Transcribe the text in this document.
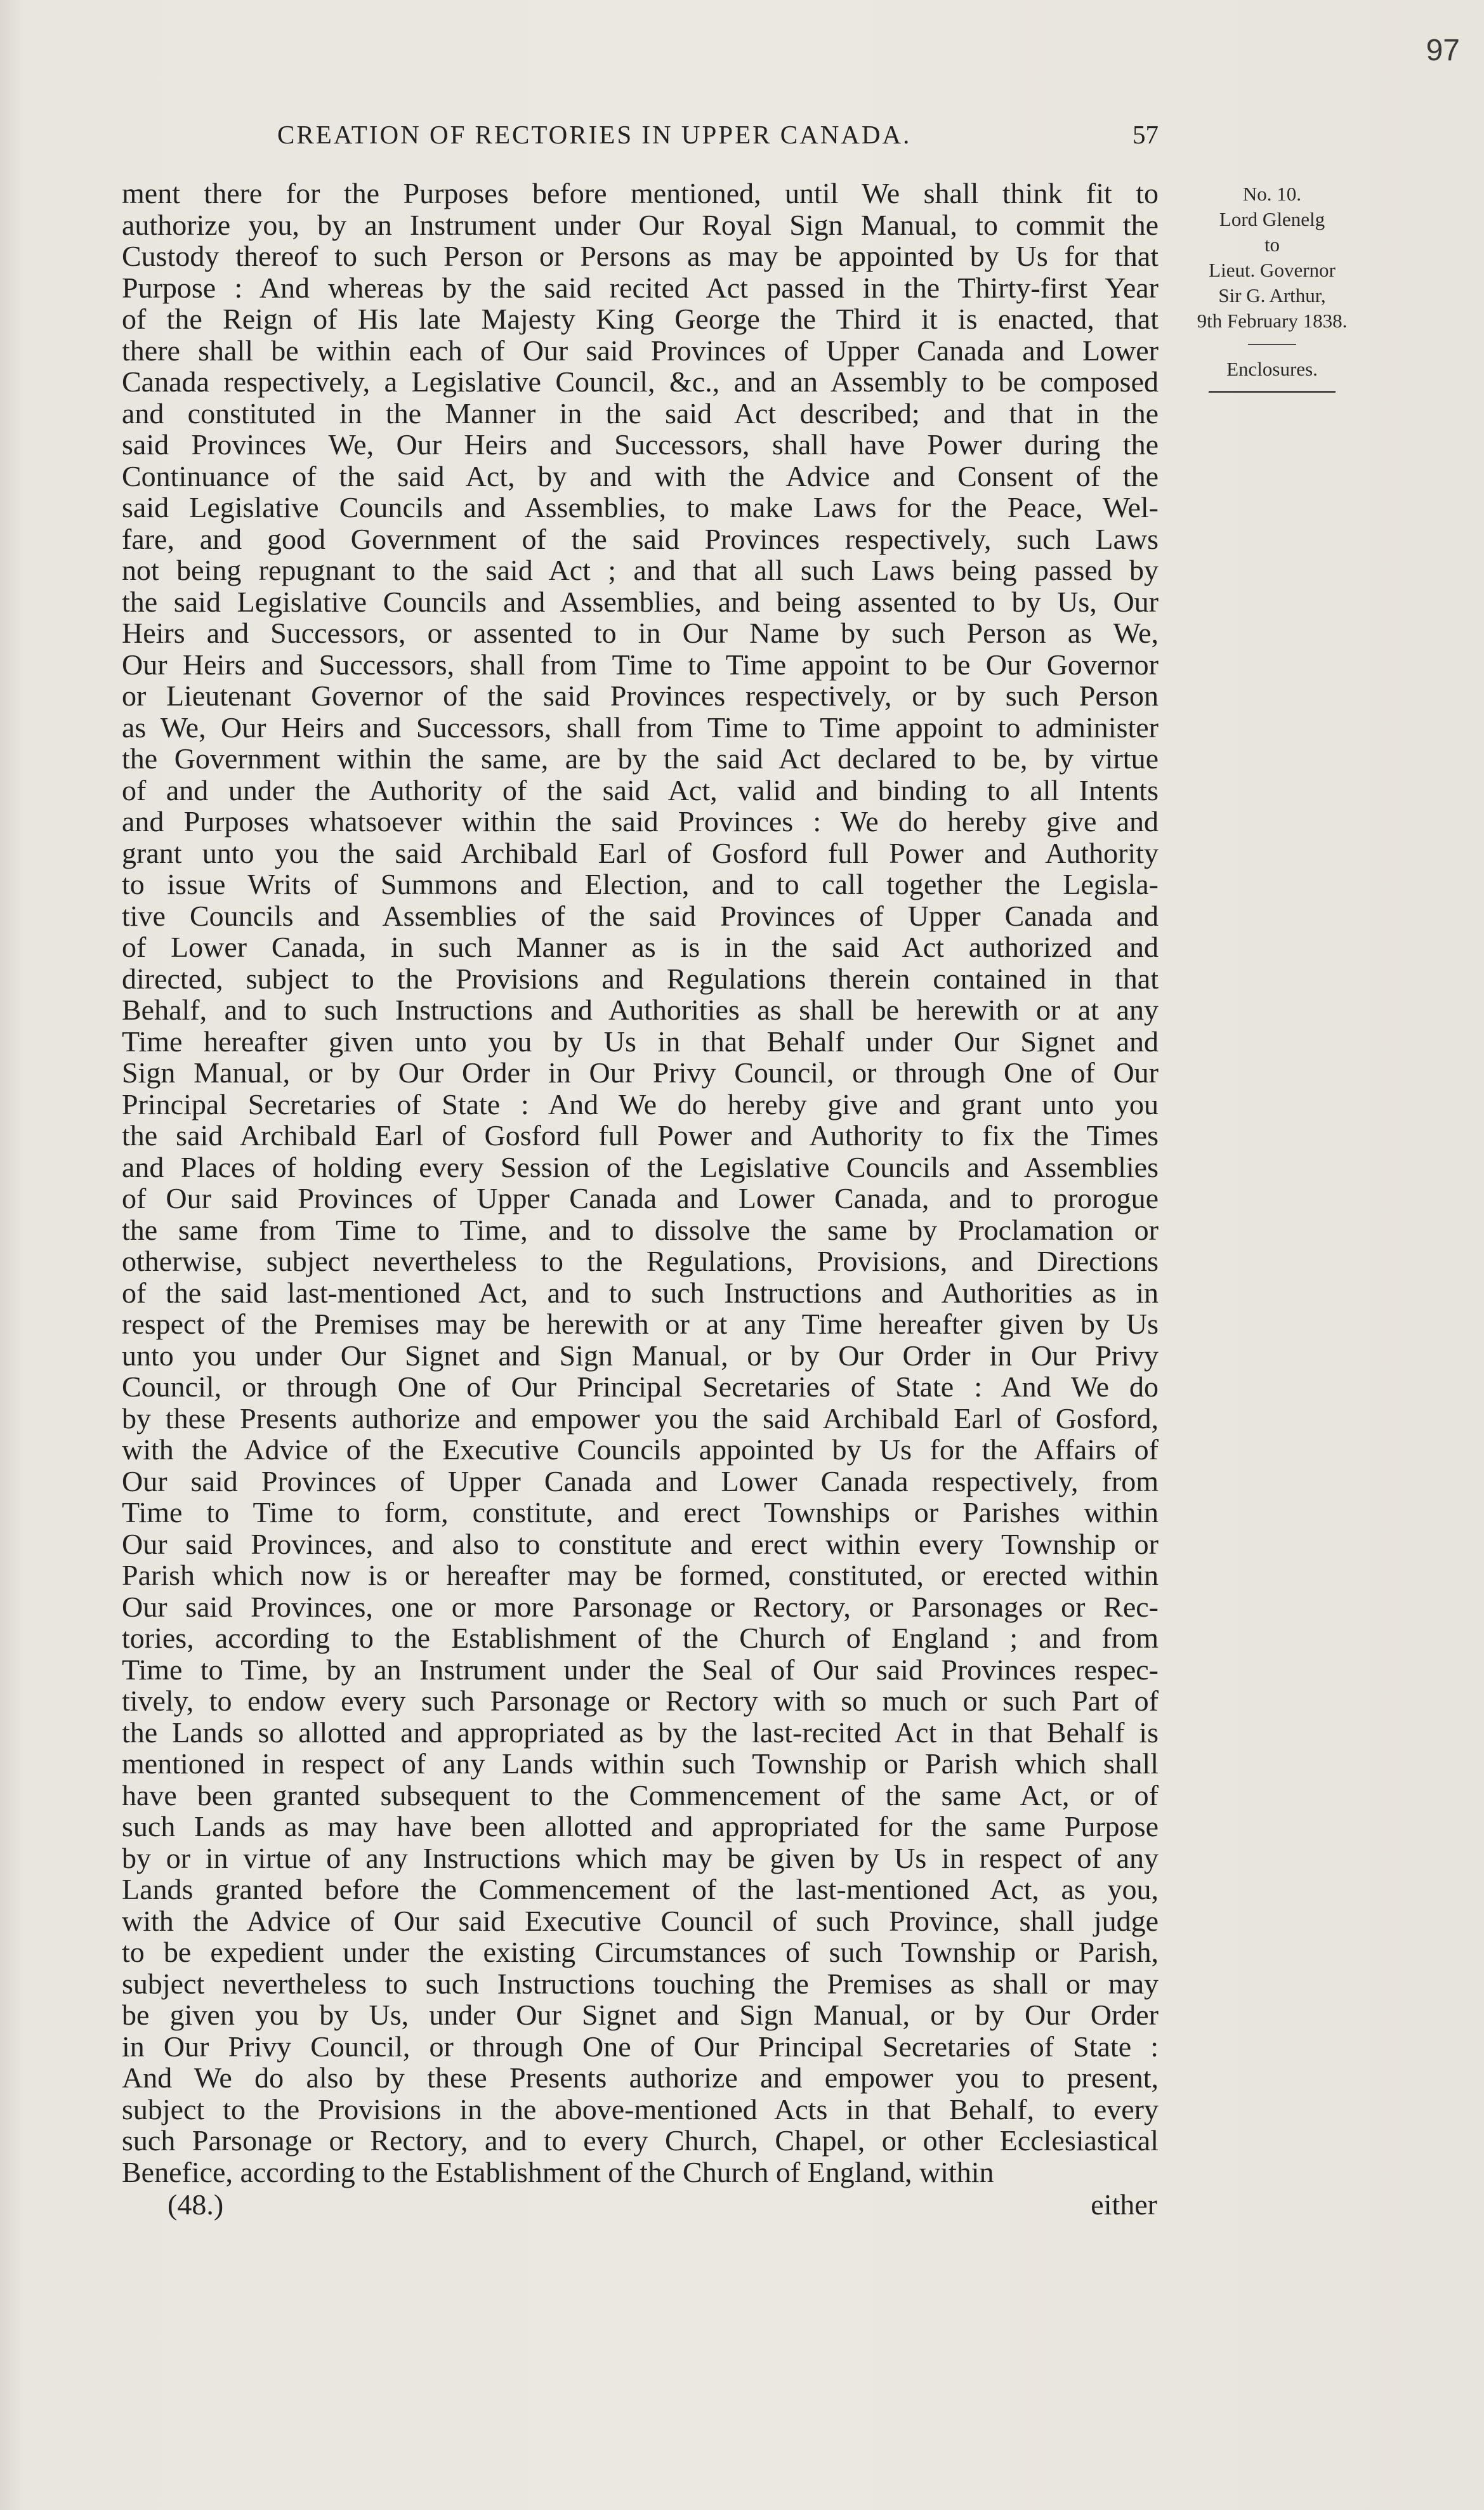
97
CREATION OF RECTORIES IN UPPER CANADA.	57
No. 10.
Lord Glenelg
to
Lieut. Governor
Sir G. Arthur,
9th February 1838.
Enclosures.
ment there for the Purposes before mentioned, until We shall think fit to
authorize you, by an Instrument under Our Royal Sign Manual, to commit the
Custody thereof to such Person or Persons as may be appointed by Us for that
Purpose : And whereas by the said recited Act passed in the Thirty-first Year
of the Reign of His late Majesty King George the Third it is enacted, that
there shall be within each of Our said Provinces of Upper Canada and Lower
Canada respectively, a Legislative Council, &c., and an Assembly to be composed
and constituted in the Manner in the said Act described; and that in the
said Provinces We, Our Heirs and Successors, shall have Power during the
Continuance of the said Act, by and with the Advice and Consent of the
said Legislative Councils and Assemblies, to make Laws for the Peace, Wel-
fare, and good Government of the said Provinces respectively, such Laws
not being repugnant to the said Act ; and that all such Laws being passed by
the said Legislative Councils and Assemblies, and being assented to by Us, Our
Heirs and Successors, or assented to in Our Name by such Person as We,
Our Heirs and Successors, shall from Time to Time appoint to be Our Governor
or Lieutenant Governor of the said Provinces respectively, or by such Person
as We, Our Heirs and Successors, shall from Time to Time appoint to administer
the Government within the same, are by the said Act declared to be, by virtue
of and under the Authority of the said Act, valid and binding to all Intents
and Purposes whatsoever within the said Provinces : We do hereby give and
grant unto you the said Archibald Earl of Gosford full Power and Authority
to issue Writs of Summons and Election, and to call together the Legisla-
tive Councils and Assemblies of the said Provinces of Upper Canada and
of Lower Canada, in such Manner as is in the said Act authorized and
directed, subject to the Provisions and Regulations therein contained in that
Behalf, and to such Instructions and Authorities as shall be herewith or at any
Time hereafter given unto you by Us in that Behalf under Our Signet and
Sign Manual, or by Our Order in Our Privy Council, or through One of Our
Principal Secretaries of State : And We do hereby give and grant unto you
the said Archibald Earl of Gosford full Power and Authority to fix the Times
and Places of holding every Session of the Legislative Councils and Assemblies
of Our said Provinces of Upper Canada and Lower Canada, and to prorogue
the same from Time to Time, and to dissolve the same by Proclamation or
otherwise, subject nevertheless to the Regulations, Provisions, and Directions
of the said last-mentioned Act, and to such Instructions and Authorities as in
respect of the Premises may be herewith or at any Time hereafter given by Us
unto you under Our Signet and Sign Manual, or by Our Order in Our Privy
Council, or through One of Our Principal Secretaries of State : And We do
by these Presents authorize and empower you the said Archibald Earl of Gosford,
with the Advice of the Executive Councils appointed by Us for the Affairs of
Our said Provinces of Upper Canada and Lower Canada respectively, from
Time to Time to form, constitute, and erect Townships or Parishes within
Our said Provinces, and also to constitute and erect within every Township or
Parish which now is or hereafter may be formed, constituted, or erected within
Our said Provinces, one or more Parsonage or Rectory, or Parsonages or Rec-
tories, according to the Establishment of the Church of England ; and from
Time to Time, by an Instrument under the Seal of Our said Provinces respec-
tively, to endow every such Parsonage or Rectory with so much or such Part of
the Lands so allotted and appropriated as by the last-recited Act in that Behalf is
mentioned in respect of any Lands within such Township or Parish which shall
have been granted subsequent to the Commencement of the same Act, or of
such Lands as may have been allotted and appropriated for the same Purpose
by or in virtue of any Instructions which may be given by Us in respect of any
Lands granted before the Commencement of the last-mentioned Act, as you,
with the Advice of Our said Executive Council of such Province, shall judge
to be expedient under the existing Circumstances of such Township or Parish,
subject nevertheless to such Instructions touching the Premises as shall or may
be given you by Us, under Our Signet and Sign Manual, or by Our Order
in Our Privy Council, or through One of Our Principal Secretaries of State :
And We do also by these Presents authorize and empower you to present,
subject to the Provisions in the above-mentioned Acts in that Behalf, to every
such Parsonage or Rectory, and to every Church, Chapel, or other Ecclesiastical
Benefice, according to the Establishment of the Church of England, within
(48.)	either
